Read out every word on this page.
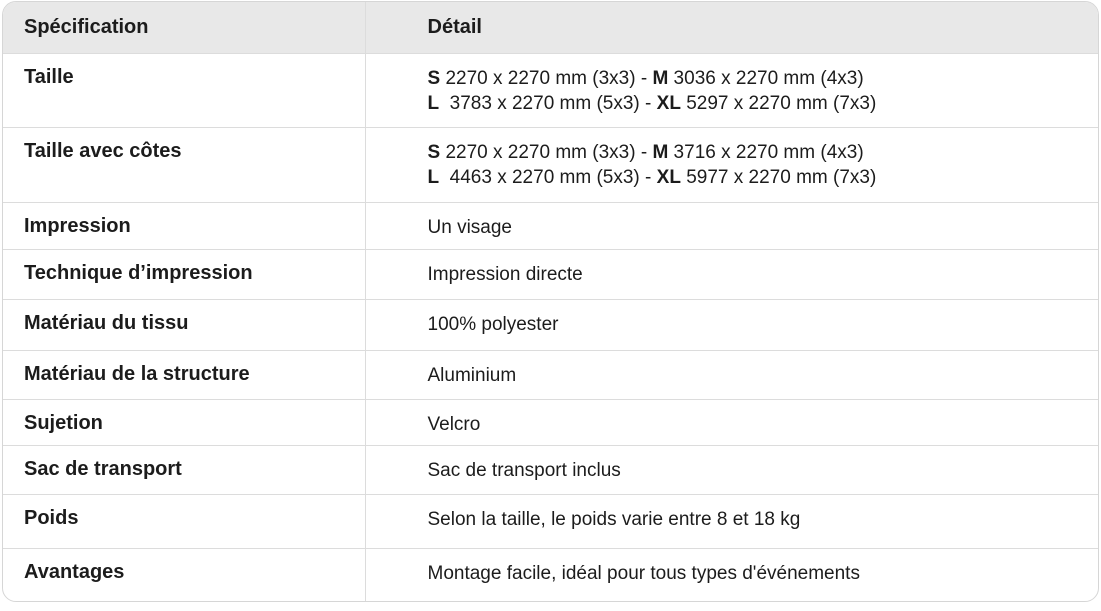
Spécification	Détail
Taille	S 2270 x 2270 mm (3x3) - M 3036 x 2270 mm (4x3)
L  3783 x 2270 mm (5x3) - XL 5297 x 2270 mm (7x3)

Taille avec côtes	S 2270 x 2270 mm (3x3) - M 3716 x 2270 mm (4x3)
L  4463 x 2270 mm (5x3) - XL 5977 x 2270 mm (7x3)

Impression	Un visage
Technique d’impression	Impression directe
Matériau du tissu	100% polyester
Matériau de la structure	Aluminium
Sujetion	Velcro
Sac de transport	Sac de transport inclus
Poids	Selon la taille, le poids varie entre 8 et 18 kg
Avantages	Montage facile, idéal pour tous types d'événements
